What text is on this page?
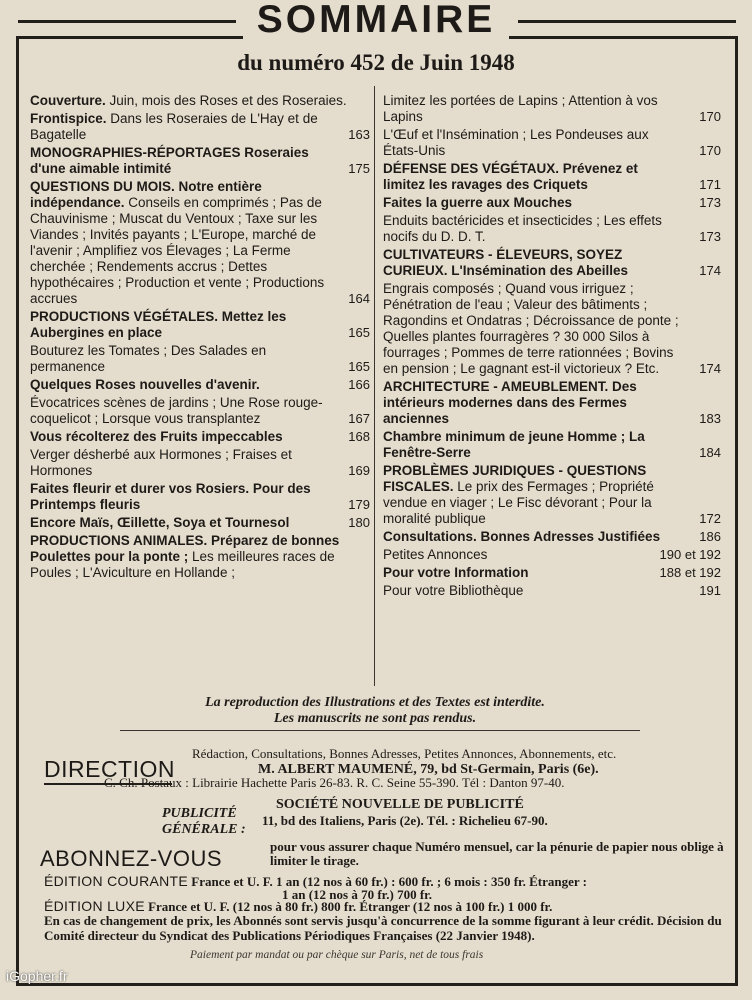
SOMMAIRE
du numéro 452 de Juin 1948
Couverture. Juin, mois des Roses et des Roseraies.
Frontispice. Dans les Roseraies de L'Hay et de Bagatelle	163
MONOGRAPHIES-RÉPORTAGES Roseraies d'une aimable intimité	175
QUESTIONS DU MOIS. Notre entière indépendance. Conseils en comprimés ; Pas de Chauvinisme ; Muscat du Ventoux ; Taxe sur les Viandes ; Invités payants ; L'Europe, marché de l'avenir ; Amplifiez vos Élevages ; La Ferme cherchée ; Rendements accrus ; Dettes hypothécaires ; Production et vente ; Productions accrues	164
PRODUCTIONS VÉGÉTALES. Mettez les Aubergines en place	165
Bouturez les Tomates ; Des Salades en permanence	165
Quelques Roses nouvelles d'avenir.	166
Évocatrices scènes de jardins ; Une Rose rouge-coquelicot ; Lorsque vous transplantez	167
Vous récolterez des Fruits impeccables	168
Verger désherbé aux Hormones ; Fraises et Hormones	169
Faites fleurir et durer vos Rosiers. Pour des Printemps fleuris	179
Encore Maïs, Œillette, Soya et Tournesol	180
PRODUCTIONS ANIMALES. Préparez de bonnes Poulettes pour la ponte ; Les meilleures races de Poules ; L'Aviculture en Hollande ;
Limitez les portées de Lapins ; Attention à vos Lapins	170
L'Œuf et l'Insémination ; Les Pondeuses aux États-Unis	170
DÉFENSE DES VÉGÉTAUX. Prévenez et limitez les ravages des Criquets	171
Faites la guerre aux Mouches	173
Enduits bactéricides et insecticides ; Les effets nocifs du D. D. T.	173
CULTIVATEURS - ÉLEVEURS, SOYEZ CURIEUX. L'Insémination des Abeilles	174
Engrais composés ; Quand vous irriguez ; Pénétration de l'eau ; Valeur des bâtiments ; Ragondins et Ondatras ; Décroissance de ponte ; Quelles plantes fourragères ? 30 000 Silos à fourrages ; Pommes de terre rationnées ; Bovins en pension ; Le gagnant est-il victorieux ? Etc.	174
ARCHITECTURE - AMEUBLEMENT. Des intérieurs modernes dans des Fermes anciennes	183
Chambre minimum de jeune Homme ; La Fenêtre-Serre	184
PROBLÈMES JURIDIQUES - QUESTIONS FISCALES. Le prix des Fermages ; Propriété vendue en viager ; Le Fisc dévorant ; Pour la moralité publique	172
Consultations. Bonnes Adresses Justifiées	186
Petites Annonces	190 et 192
Pour votre Information	188 et 192
Pour votre Bibliothèque	191
La reproduction des Illustrations et des Textes est interdite.
Les manuscrits ne sont pas rendus.
DIRECTION
Rédaction, Consultations, Bonnes Adresses, Petites Annonces, Abonnements, etc.
M. ALBERT MAUMENÉ, 79, bd St-Germain, Paris (6e).
C. Ch. Postaux : Librairie Hachette Paris 26-83. R. C. Seine 55-390. Tél : Danton 97-40.
PUBLICITÉ
GÉNÉRALE :
SOCIÉTÉ NOUVELLE DE PUBLICITÉ
11, bd des Italiens, Paris (2e). Tél. : Richelieu 67-90.
ABONNEZ-VOUS	pour vous assurer chaque Numéro mensuel, car la pénurie de papier nous oblige à limiter le tirage.
ÉDITION COURANTE France et U. F. 1 an (12 nos à 60 fr.) : 600 fr. ; 6 mois : 350 fr. Étranger :
1 an (12 nos à 70 fr.) 700 fr.
ÉDITION LUXE France et U. F. (12 nos à 80 fr.) 800 fr. Étranger (12 nos à 100 fr.) 1 000 fr.
En cas de changement de prix, les Abonnés sont servis jusqu'à concurrence de la somme figurant à leur crédit. Décision du Comité directeur du Syndicat des Publications Périodiques Françaises (22 Janvier 1948).
Paiement par mandat ou par chèque sur Paris, net de tous frais
iGopher.fr
